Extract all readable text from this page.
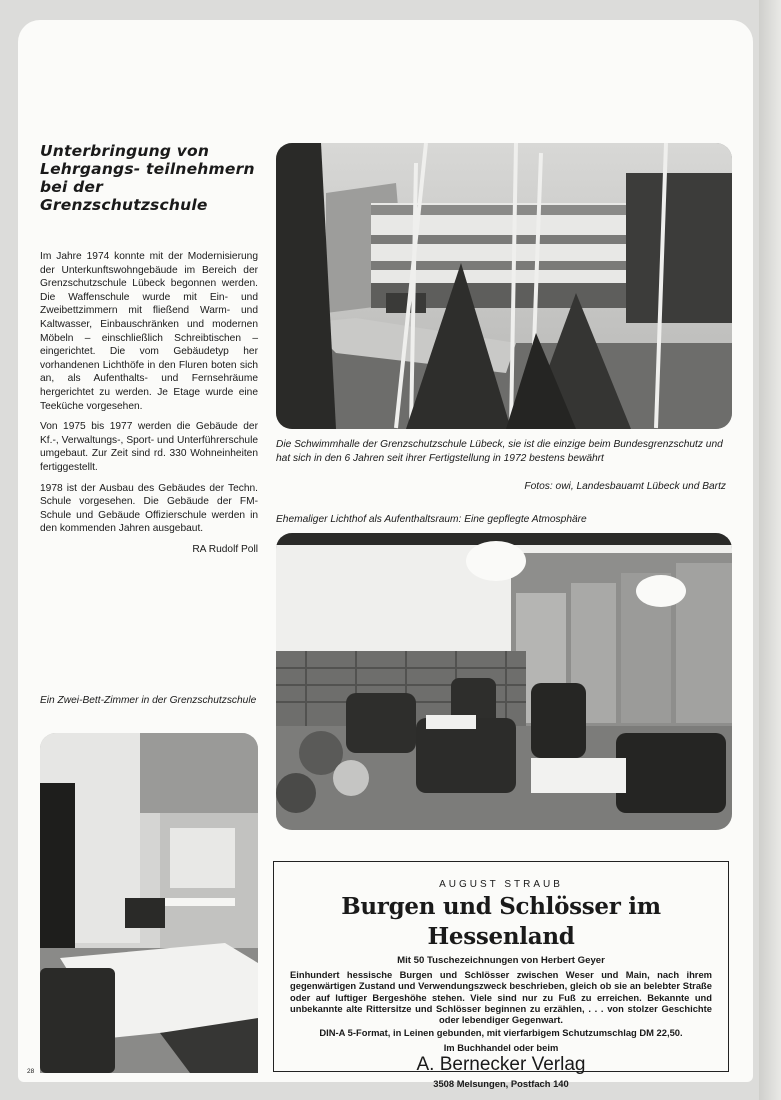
Unterbringung von Lehrgangs- teilnehmern bei der Grenzschutzschule

Im Jahre 1974 konnte mit der Modernisierung der Unterkunftswohngebäude im Bereich der Grenzschutzschule Lübeck begonnen werden. Die Waffenschule wurde mit Ein- und Zweibettzimmern mit fließend Warm- und Kaltwasser, Einbauschränken und modernen Möbeln – einschließlich Schreibtischen – eingerichtet. Die vom Gebäudetyp her vorhandenen Lichthöfe in den Fluren boten sich an, als Aufenthalts- und Fernsehräume hergerichtet zu werden. Je Etage wurde eine Teeküche vorgesehen.

Von 1975 bis 1977 werden die Gebäude der Kf.-, Verwaltungs-, Sport- und Unterführerschule umgebaut. Zur Zeit sind rd. 330 Wohneinheiten fertiggestellt.

1978 ist der Ausbau des Gebäudes der Techn. Schule vorgesehen. Die Gebäude der FM-Schule und Gebäude Offizierschule werden in den kommenden Jahren ausgebaut.

RA Rudolf Poll

Die Schwimmhalle der Grenzschutzschule Lübeck, sie ist die einzige beim Bundesgrenzschutz und hat sich in den 6 Jahren seit ihrer Fertigstellung in 1972 bestens bewährt

Fotos: owi, Landesbauamt Lübeck und Bartz

Ehemaliger Lichthof als Aufenthaltsraum: Eine gepflegte Atmosphäre

Ein Zwei-Bett-Zimmer in der Grenzschutzschule

AUGUST STRAUB

Burgen und Schlösser im Hessenland

Mit 50 Tuschezeichnungen von Herbert Geyer

Einhundert hessische Burgen und Schlösser zwischen Weser und Main, nach ihrem gegenwärtigen Zustand und Verwendungszweck beschrieben, gleich ob sie an belebter Straße oder auf luftiger Bergeshöhe stehen. Viele sind nur zu Fuß zu erreichen. Bekannte und unbekannte alte Rittersitze und Schlösser beginnen zu erzählen, . . . von stolzer Geschichte oder lebendiger Gegenwart.

DIN-A 5-Format, in Leinen gebunden, mit vierfarbigem Schutzumschlag DM 22,50.

Im Buchhandel oder beim

A. Bernecker Verlag

3508 Melsungen, Postfach 140

28
